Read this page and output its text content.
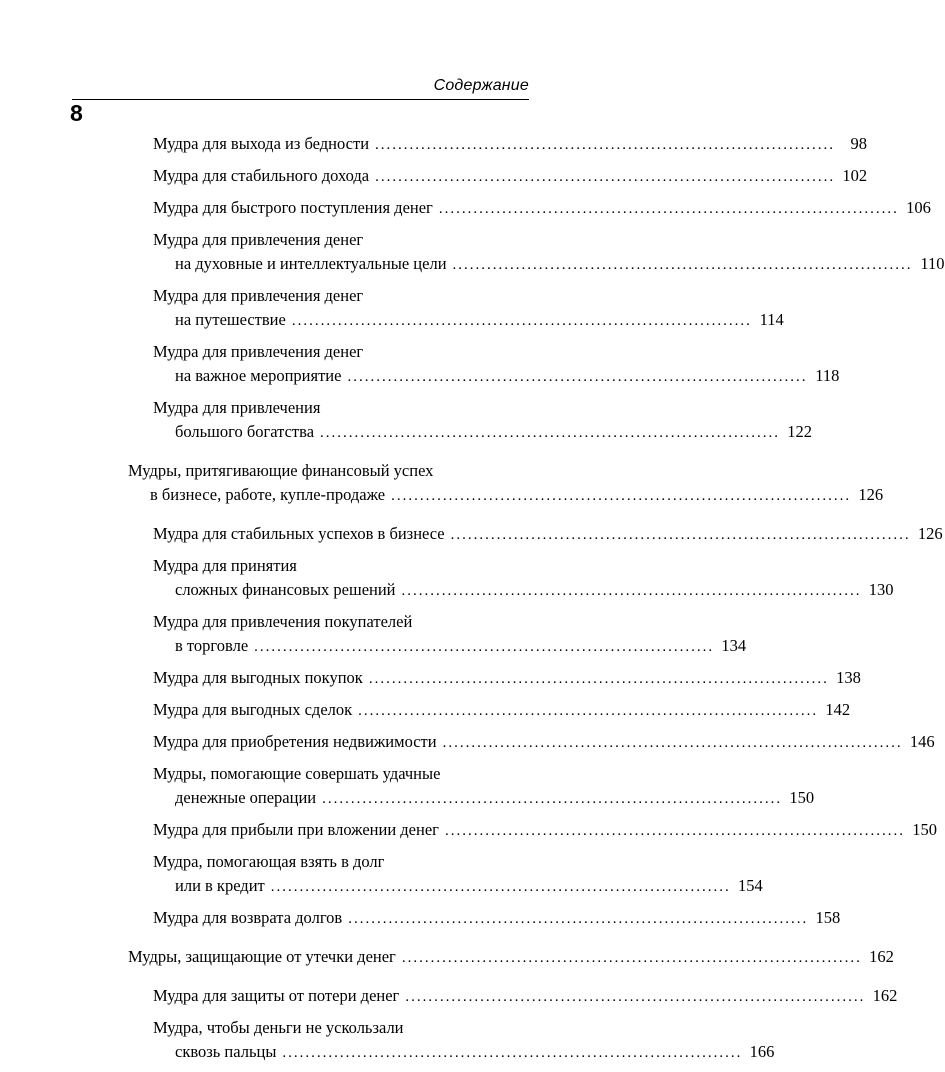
Содержание
8
Мудра для выхода из бедности ................................................................................ 98
Мудра для стабильного дохода ................................................................................ 102
Мудра для быстрого поступления денег ................................................................................ 106
Мудра для привлечения денег
на духовные и интеллектуальные цели ................................................................................ 110
Мудра для привлечения денег
на путешествие ................................................................................ 114
Мудра для привлечения денег
на важное мероприятие ................................................................................ 118
Мудра для привлечения
большого богатства ................................................................................ 122
Мудры, притягивающие финансовый успех
в бизнесе, работе, купле-продаже ................................................................................ 126
Мудра для стабильных успехов в бизнесе ................................................................................ 126
Мудра для принятия
сложных финансовых решений ................................................................................ 130
Мудра для привлечения покупателей
в торговле ................................................................................ 134
Мудра для выгодных покупок ................................................................................ 138
Мудра для выгодных сделок ................................................................................ 142
Мудра для приобретения недвижимости ................................................................................ 146
Мудры, помогающие совершать удачные
денежные операции ................................................................................ 150
Мудра для прибыли при вложении денег ................................................................................ 150
Мудра, помогающая взять в долг
или в кредит ................................................................................ 154
Мудра для возврата долгов ................................................................................ 158
Мудры, защищающие от утечки денег ................................................................................ 162
Мудра для защиты от потери денег ................................................................................ 162
Мудра, чтобы деньги не ускользали
сквозь пальцы ................................................................................ 166
